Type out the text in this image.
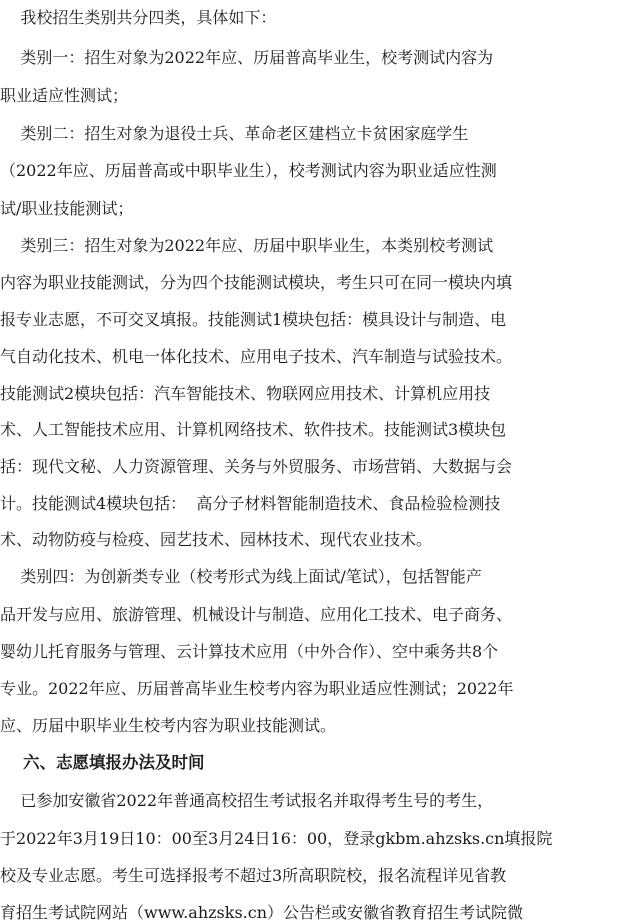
我校招生类别共分四类，具体如下：
类别一：招生对象为2022年应、历届普高毕业生，校考测试内容为
职业适应性测试；
类别二：招生对象为退役士兵、革命老区建档立卡贫困家庭学生
（2022年应、历届普高或中职毕业生），校考测试内容为职业适应性测
试/职业技能测试；
类别三：招生对象为2022年应、历届中职毕业生，本类别校考测试
内容为职业技能测试，分为四个技能测试模块，考生只可在同一模块内填
报专业志愿，不可交叉填报。技能测试1模块包括：模具设计与制造、电
气自动化技术、机电一体化技术、应用电子技术、汽车制造与试验技术。
技能测试2模块包括：汽车智能技术、物联网应用技术、计算机应用技
术、人工智能技术应用、计算机网络技术、软件技术。技能测试3模块包
括：现代文秘、人力资源管理、关务与外贸服务、市场营销、大数据与会
计。技能测试4模块包括：  高分子材料智能制造技术、食品检验检测技
术、动物防疫与检疫、园艺技术、园林技术、现代农业技术。
类别四：为创新类专业（校考形式为线上面试/笔试），包括智能产
品开发与应用、旅游管理、机械设计与制造、应用化工技术、电子商务、
婴幼儿托育服务与管理、云计算技术应用（中外合作）、空中乘务共8个
专业。2022年应、历届普高毕业生校考内容为职业适应性测试；2022年
应、历届中职毕业生校考内容为职业技能测试。
六、志愿填报办法及时间
已参加安徽省2022年普通高校招生考试报名并取得考生号的考生，
于2022年3月19日10：00至3月24日16：00，登录gkbm.ahzsks.cn填报院
校及专业志愿。考生可选择报考不超过3所高职院校，报名流程详见省教
育招生考试院网站（www.ahzsks.cn）公告栏或安徽省教育招生考试院微
